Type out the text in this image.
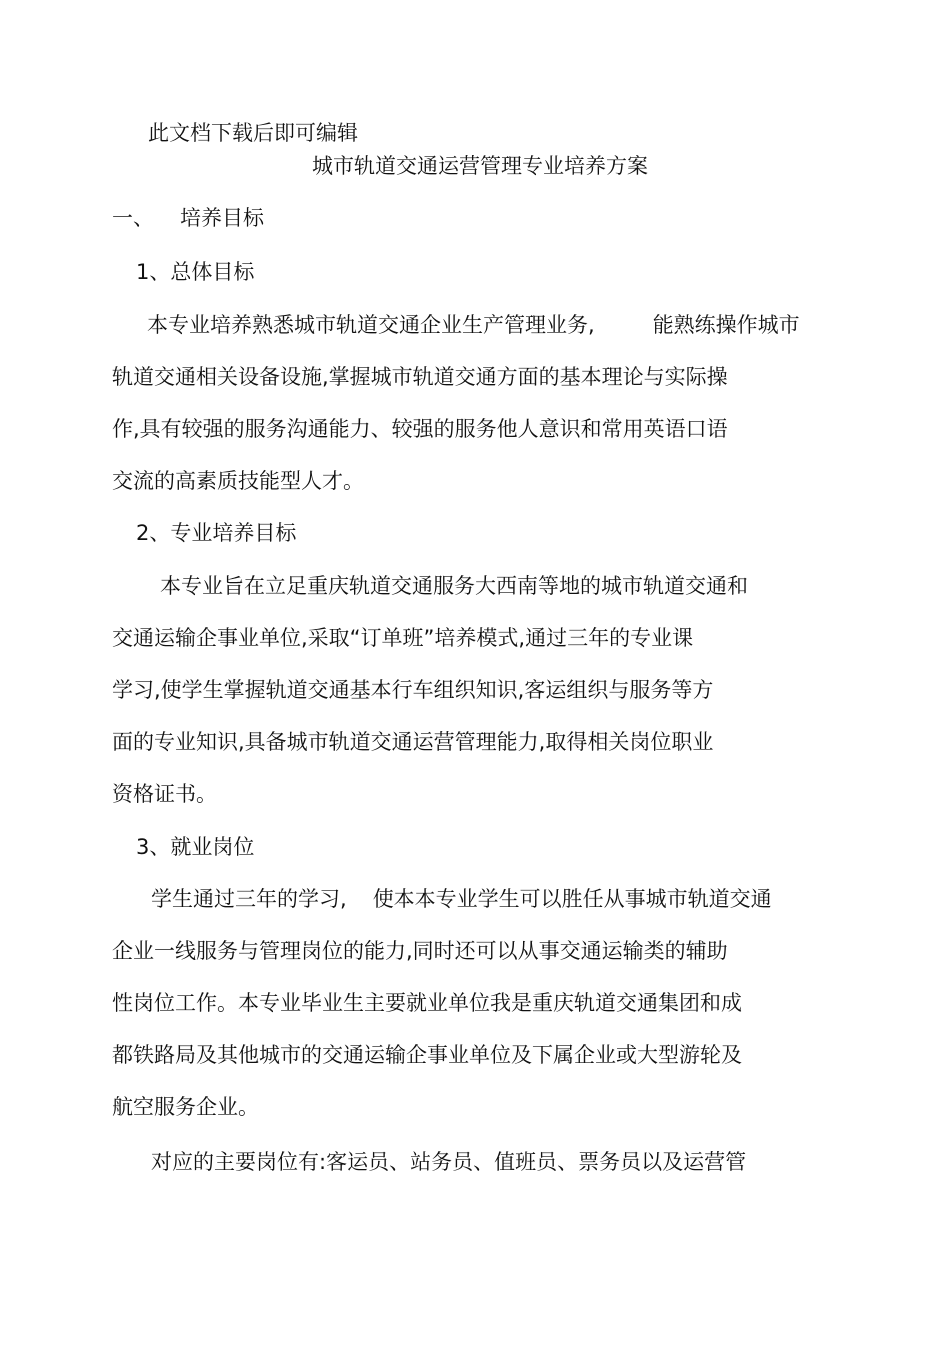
此文档下载后即可编辑
城市轨道交通运营管理专业培养方案
一、 培养目标
1、总体目标
本专业培养熟悉城市轨道交通企业生产管理业务,	能熟练操作城市
轨道交通相关设备设施,掌握城市轨道交通方面的基本理论与实际操
作,具有较强的服务沟通能力、较强的服务他人意识和常用英语口语
交流的高素质技能型人才。
2、专业培养目标
本专业旨在立足重庆轨道交通服务大西南等地的城市轨道交通和
交通运输企事业单位,采取“订单班”培养模式,通过三年的专业课
学习,使学生掌握轨道交通基本行车组织知识,客运组织与服务等方
面的专业知识,具备城市轨道交通运营管理能力,取得相关岗位职业
资格证书。
3、就业岗位
学生通过三年的学习, 使本本专业学生可以胜任从事城市轨道交通
企业一线服务与管理岗位的能力,同时还可以从事交通运输类的辅助
性岗位工作。本专业毕业生主要就业单位我是重庆轨道交通集团和成
都铁路局及其他城市的交通运输企事业单位及下属企业或大型游轮及
航空服务企业。
对应的主要岗位有:客运员、站务员、值班员、票务员以及运营管
